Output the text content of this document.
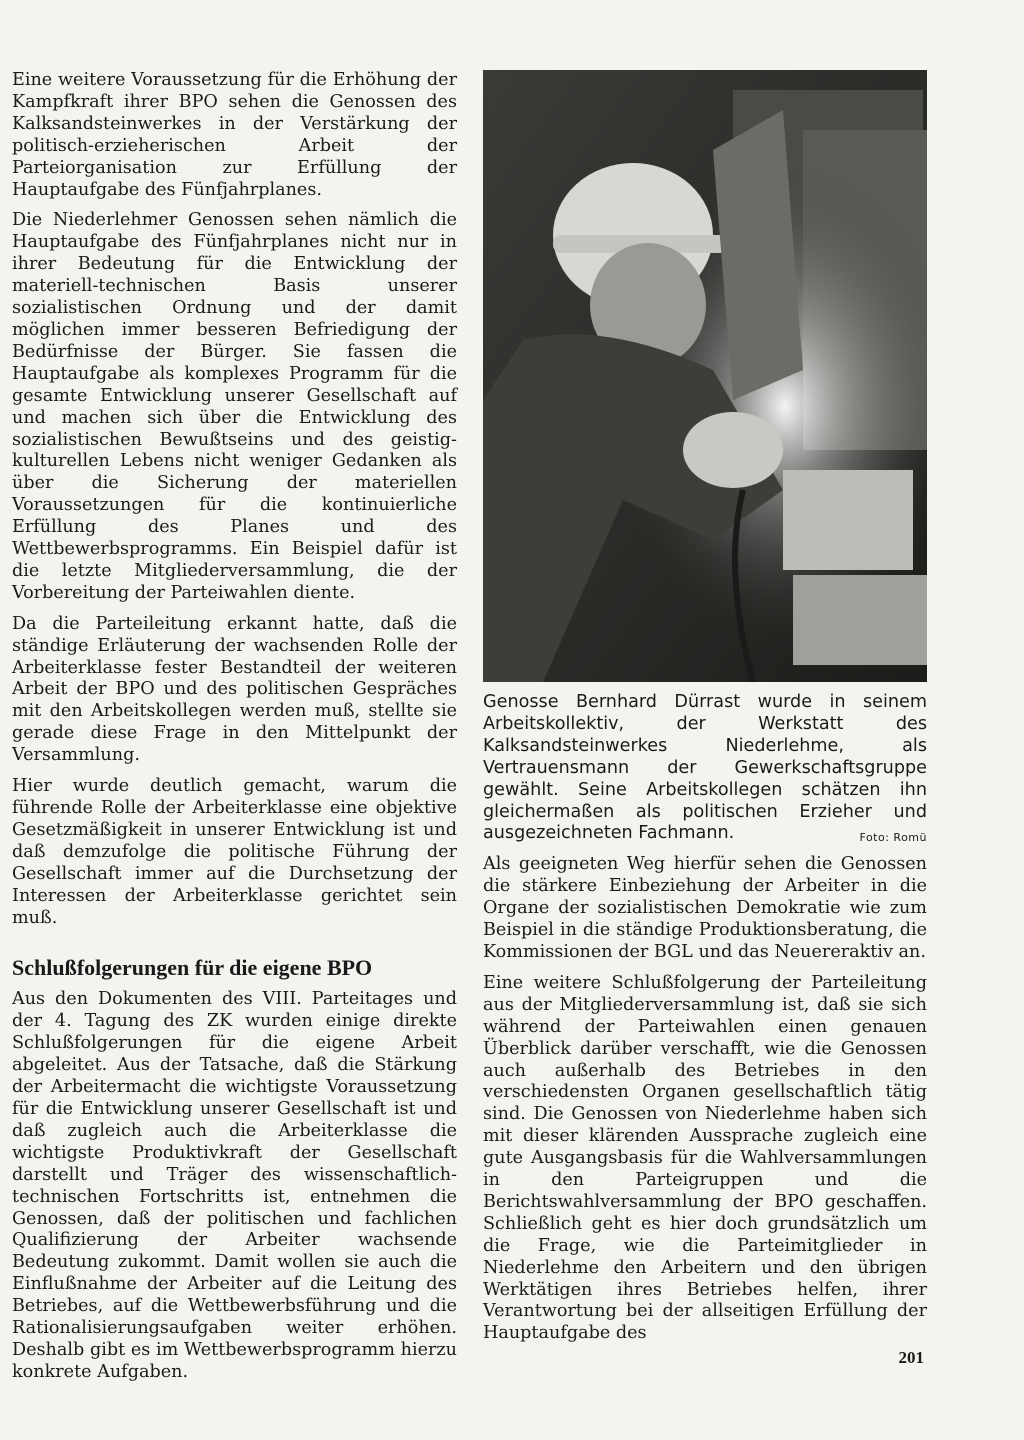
Eine weitere Voraussetzung für die Erhöhung der Kampfkraft ihrer BPO sehen die Genossen des Kalksandsteinwerkes in der Verstärkung der politisch-erzieherischen Arbeit der Parteiorganisation zur Erfüllung der Hauptaufgabe des Fünfjahrplanes.

Die Niederlehmer Genossen sehen nämlich die Hauptaufgabe des Fünfjahrplanes nicht nur in ihrer Bedeutung für die Entwicklung der materiell-technischen Basis unserer sozialistischen Ordnung und der damit möglichen immer besseren Befriedigung der Bedürfnisse der Bürger. Sie fassen die Hauptaufgabe als komplexes Programm für die gesamte Entwicklung unserer Gesellschaft auf und machen sich über die Entwicklung des sozialistischen Bewußtseins und des geistig-kulturellen Lebens nicht weniger Gedanken als über die Sicherung der materiellen Voraussetzungen für die kontinuierliche Erfüllung des Planes und des Wettbewerbsprogramms. Ein Beispiel dafür ist die letzte Mitgliederversammlung, die der Vorbereitung der Parteiwahlen diente.

Da die Parteileitung erkannt hatte, daß die ständige Erläuterung der wachsenden Rolle der Arbeiterklasse fester Bestandteil der weiteren Arbeit der BPO und des politischen Gespräches mit den Arbeitskollegen werden muß, stellte sie gerade diese Frage in den Mittelpunkt der Versammlung.

Hier wurde deutlich gemacht, warum die führende Rolle der Arbeiterklasse eine objektive Gesetzmäßigkeit in unserer Entwicklung ist und daß demzufolge die politische Führung der Gesellschaft immer auf die Durchsetzung der Interessen der Arbeiterklasse gerichtet sein muß.

Schlußfolgerungen für die eigene BPO

Aus den Dokumenten des VIII. Parteitages und der 4. Tagung des ZK wurden einige direkte Schlußfolgerungen für die eigene Arbeit abgeleitet. Aus der Tatsache, daß die Stärkung der Arbeitermacht die wichtigste Voraussetzung für die Entwicklung unserer Gesellschaft ist und daß zugleich auch die Arbeiterklasse die wichtigste Produktivkraft der Gesellschaft darstellt und Träger des wissenschaftlich-technischen Fortschritts ist, entnehmen die Genossen, daß der politischen und fachlichen Qualifizierung der Arbeiter wachsende Bedeutung zukommt. Damit wollen sie auch die Einflußnahme der Arbeiter auf die Leitung des Betriebes, auf die Wettbewerbsführung und die Rationalisierungsaufgaben weiter erhöhen. Deshalb gibt es im Wettbewerbsprogramm hierzu konkrete Aufgaben.

Genosse Bernhard Dürrast wurde in seinem Arbeitskollektiv, der Werkstatt des Kalksandsteinwerkes Niederlehme, als Vertrauensmann der Gewerkschaftsgruppe gewählt. Seine Arbeitskollegen schätzen ihn gleichermaßen als politischen Erzieher und ausgezeichneten Fachmann.	Foto: Romü

Als geeigneten Weg hierfür sehen die Genossen die stärkere Einbeziehung der Arbeiter in die Organe der sozialistischen Demokratie wie zum Beispiel in die ständige Produktionsberatung, die Kommissionen der BGL und das Neuereraktiv an.

Eine weitere Schlußfolgerung der Parteileitung aus der Mitgliederversammlung ist, daß sie sich während der Parteiwahlen einen genauen Überblick darüber verschafft, wie die Genossen auch außerhalb des Betriebes in den verschiedensten Organen gesellschaftlich tätig sind. Die Genossen von Niederlehme haben sich mit dieser klärenden Aussprache zugleich eine gute Ausgangsbasis für die Wahlversammlungen in den Parteigruppen und die Berichtswahlversammlung der BPO geschaffen. Schließlich geht es hier doch grundsätzlich um die Frage, wie die Parteimitglieder in Niederlehme den Arbeitern und den übrigen Werktätigen ihres Betriebes helfen, ihrer Verantwortung bei der allseitigen Erfüllung der Hauptaufgabe des

201
